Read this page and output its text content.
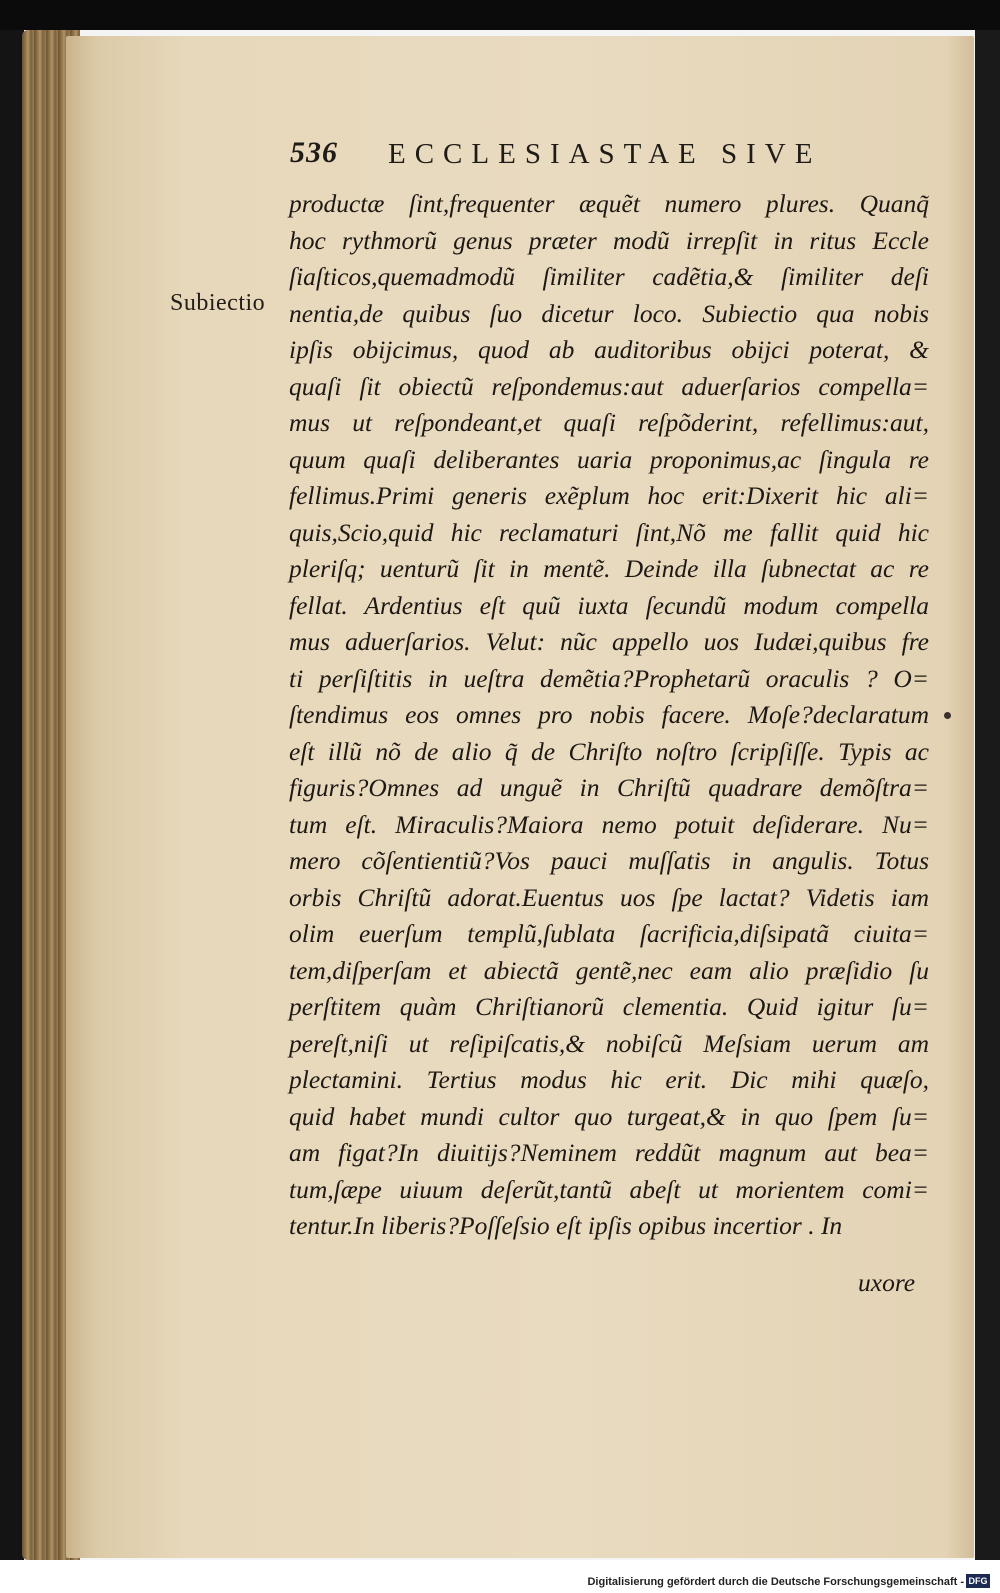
536 ECCLESIASTAE SIVE
Subiectio
productæ ſint,frequenter æquẽt numero plures. Quanq̃
hoc rythmorũ genus præter modũ irrepſit in ritus Eccle
ſiaſticos,quemadmodũ ſimiliter cadẽtia,& ſimiliter deſi
nentia,de quibus ſuo dicetur loco. Subiectio qua nobis
ipſis obijcimus, quod ab auditoribus obijci poterat, &
quaſi ſit obiectũ reſpondemus:aut aduerſarios compella=
mus ut reſpondeant,et quaſi reſpõderint, refellimus:aut,
quum quaſi deliberantes uaria proponimus,ac ſingula re
fellimus.Primi generis exẽplum hoc erit:Dixerit hic ali=
quis,Scio,quid hic reclamaturi ſint,Nõ me fallit quid hic
pleriſq; uenturũ ſit in mentẽ. Deinde illa ſubnectat ac re
fellat. Ardentius eſt quũ iuxta ſecundũ modum compella
mus aduerſarios. Velut: nũc appello uos Iudæi,quibus fre
ti perſiſtitis in ueſtra demẽtia?Prophetarũ oraculis ? O=
ſtendimus eos omnes pro nobis facere. Moſe?declaratum
eſt illũ nõ de alio q̃ de Chriſto noſtro ſcripſiſſe. Typis ac
figuris?Omnes ad unguẽ in Chriſtũ quadrare demõſtra=
tum eſt. Miraculis?Maiora nemo potuit deſiderare. Nu=
mero cõſentientiũ?Vos pauci muſſatis in angulis. Totus
orbis Chriſtũ adorat.Euentus uos ſpe lactat? Videtis iam
olim euerſum templũ,ſublata ſacrificia,diſsipatã ciuita=
tem,diſperſam et abiectã gentẽ,nec eam alio præſidio ſu
perſtitem quàm Chriſtianorũ clementia. Quid igitur ſu=
pereſt,niſi ut reſipiſcatis,& nobiſcũ Meſsiam uerum am
plectamini. Tertius modus hic erit. Dic mihi quæſo,
quid habet mundi cultor quo turgeat,& in quo ſpem ſu=
am figat?In diuitijs?Neminem reddũt magnum aut bea=
tum,ſæpe uiuum deſerũt,tantũ abeſt ut morientem comi=
tentur.In liberis?Poſſeſsio eſt ipſis opibus incertior . In
uxore
Digitalisierung gefördert durch die Deutsche Forschungsgemeinschaft - DFG
